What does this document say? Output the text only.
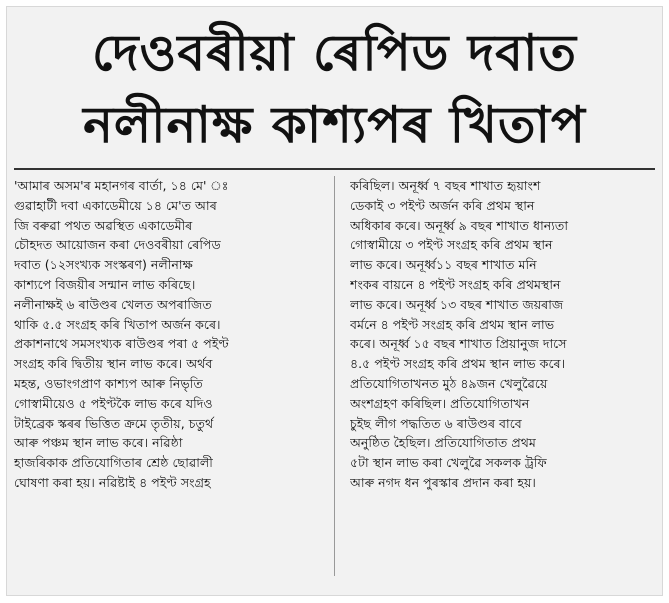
দেওবৰীয়া ৰেপিড দবাত
নলীনাক্ষ কাশ্যপৰ খিতাপ
'আমাৰ অসম'ৰ মহানগৰ বাৰ্তা, ১৪ মে' ঃ
গুৱাহাটী দবা একাডেমীয়ে ১৪ মে'ত আৰ
জি বৰুৱা পথত অৱস্থিত একাডেমীৰ
চৌহদত আয়োজন কৰা দেওবৰীয়া ৰেপিড
দবাত (১২সংখ্যক সংস্কৰণ) নলীনাক্ষ
কাশ্যপে বিজয়ীৰ সন্মান লাভ কৰিছে।
নলীনাক্ষই ৬ ৰাউণ্ডৰ খেলত অপৰাজিত
থাকি ৫.৫ সংগ্ৰহ কৰি খিতাপ অৰ্জন কৰে।
প্ৰকাশনাথে সমসংখ্যক ৰাউণ্ডৰ পৰা ৫ পইণ্ট
সংগ্ৰহ কৰি দ্বিতীয় স্থান লাভ কৰে। অৰ্থব
মহন্ত, ওভাংগপ্ৰাণ কাশ্যপ আৰু নিভৃতি
গোস্বামীয়েও ৫ পইণ্টকৈ লাভ কৰে যদিও
টাইব্ৰেক স্কৰৰ ভিত্তিত ক্ৰমে তৃতীয়, চতুৰ্থ
আৰু পঞ্চম স্থান লাভ কৰে। নৱিষ্ঠা
হাজৰিকাক প্ৰতিযোগিতাৰ শ্ৰেষ্ঠ ছোৱালী
ঘোষণা কৰা হয়। নৱিষ্টাই ৪ পইণ্ট সংগ্ৰহ
কৰিছিল। অনূৰ্ধ্ব ৭ বছৰ শাখাত হৃয়াংশ
ডেকাই ৩ পইণ্ট অৰ্জন কৰি প্ৰথম স্থান
অধিকাৰ কৰে। অনূৰ্ধ্ব ৯ বছৰ শাখাত ধান্যতা
গোস্বামীয়ে ৩ পইণ্ট সংগ্ৰহ কৰি প্ৰথম স্থান
লাভ কৰে। অনূৰ্ধ্ব১১ বছৰ শাখাত মনি
শংকৰ বায়নে ৪ পইণ্ট সংগ্ৰহ কৰি প্ৰথমস্থান
লাভ কৰে। অনূৰ্ধ্ব ১৩ বছৰ শাখাত জয়ৰাজ
বৰ্মনে ৪ পইণ্ট সংগ্ৰহ কৰি প্ৰথম স্থান লাভ
কৰে। অনূৰ্ধ্ব ১৫ বছৰ শাখাত প্ৰিয়ানুজ দাসে
৪.৫ পইণ্ট সংগ্ৰহ কৰি প্ৰথম স্থান লাভ কৰে।
প্ৰতিযোগিতাখনত মুঠ ৪৯জন খেলুৱৈয়ে
অংশগ্ৰহণ কৰিছিল। প্ৰতিযোগিতাখন
চুইছ লীগ পদ্ধতিত ৬ ৰাউণ্ডৰ বাবে
অনুষ্ঠিত হৈছিল। প্ৰতিযোগিতাত প্ৰথম
৫টা স্থান লাভ কৰা খেলুৱৈ সকলক ট্ৰফি
আৰু নগদ ধন পুৰস্কাৰ প্ৰদান কৰা হয়।
